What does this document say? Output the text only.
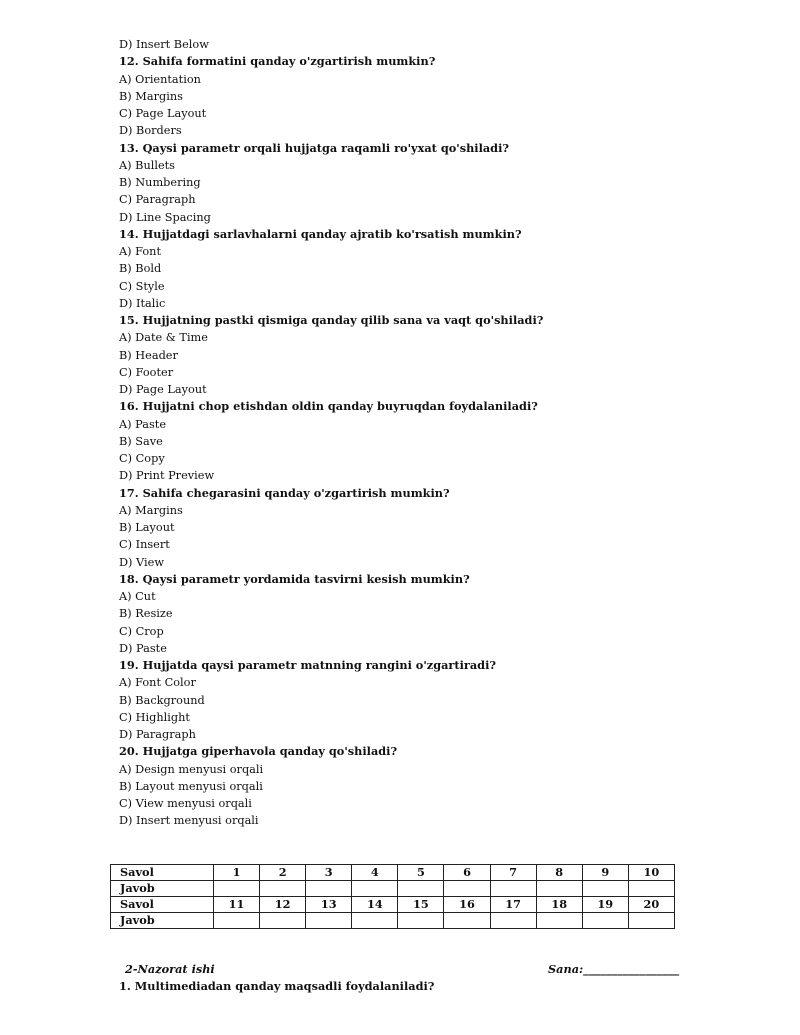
D) Insert Below
12. Sahifa formatini qanday o'zgartirish mumkin?
A) Orientation
B) Margins
C) Page Layout
D) Borders
13. Qaysi parametr orqali hujjatga raqamli ro'yxat qo'shiladi?
A) Bullets
B) Numbering
C) Paragraph
D) Line Spacing
14. Hujjatdagi sarlavhalarni qanday ajratib ko'rsatish mumkin?
A) Font
B) Bold
C) Style
D) Italic
15. Hujjatning pastki qismiga qanday qilib sana va vaqt qo'shiladi?
A) Date & Time
B) Header
C) Footer
D) Page Layout
16. Hujjatni chop etishdan oldin qanday buyruqdan foydalaniladi?
A) Paste
B) Save
C) Copy
D) Print Preview
17. Sahifa chegarasini qanday o'zgartirish mumkin?
A) Margins
B) Layout
C) Insert
D) View
18. Qaysi parametr yordamida tasvirni kesish mumkin?
A) Cut
B) Resize
C) Crop
D) Paste
19. Hujjatda qaysi parametr matnning rangini o'zgartiradi?
A) Font Color
B) Background
C) Highlight
D) Paragraph
20. Hujjatga giperhavola qanday qo'shiladi?
A) Design menyusi orqali
B) Layout menyusi orqali
C) View menyusi orqali
D) Insert menyusi orqali
Savol	1	2	3	4	5	6	7	8	9	10
Javob										
Savol	11	12	13	14	15	16	17	18	19	20
Javob										
2-Nazorat ishi	Sana:_________________
1. Multimediadan qanday maqsadli foydalaniladi?
